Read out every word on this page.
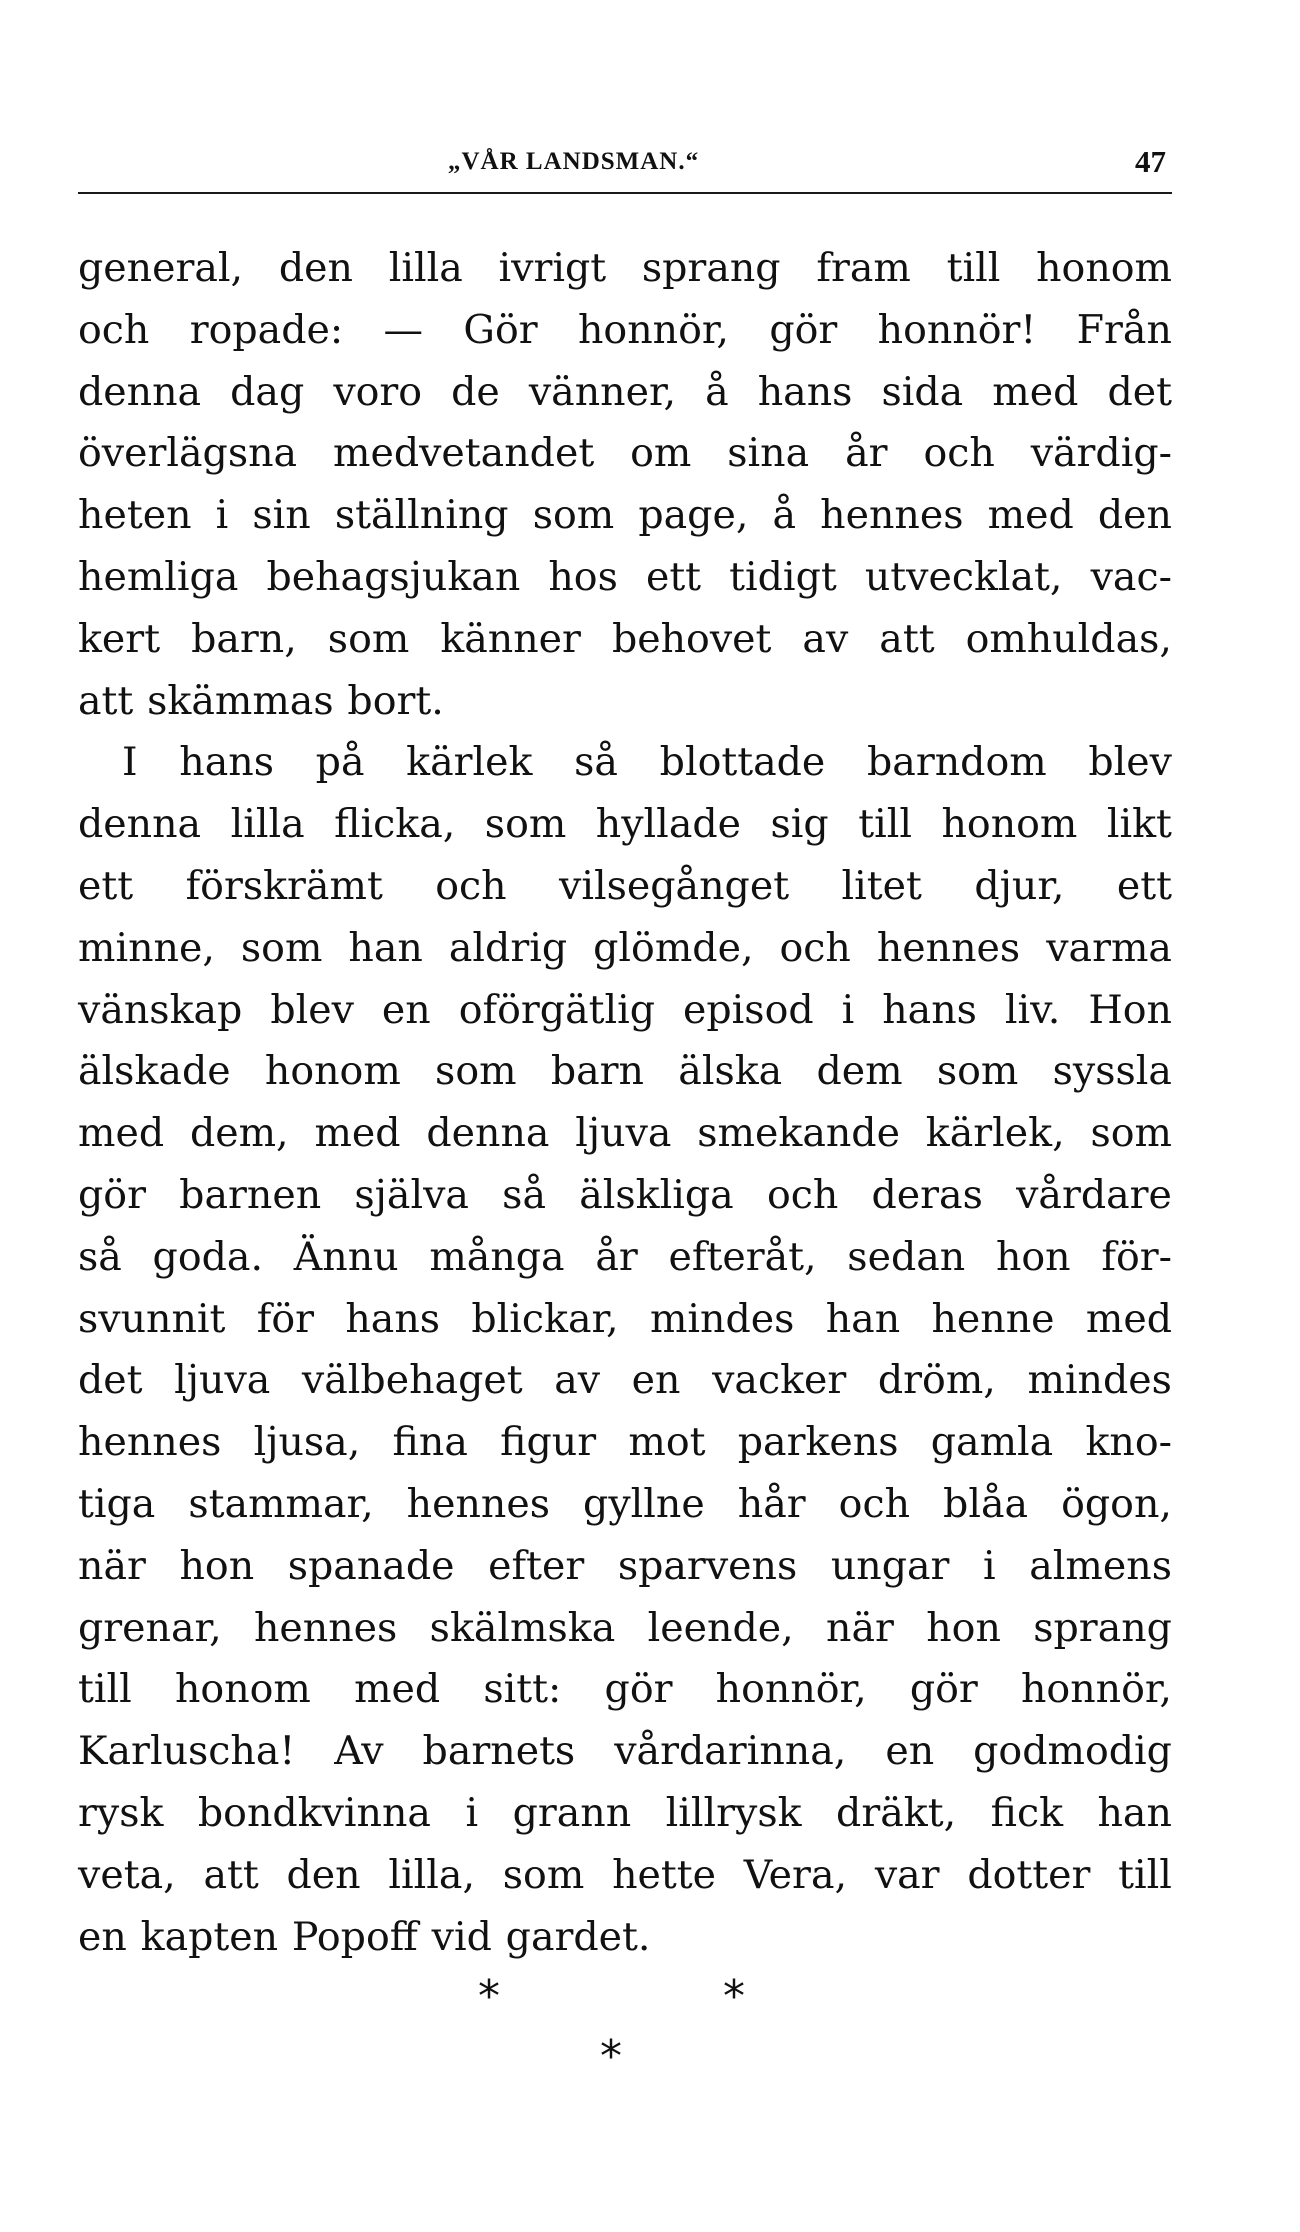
„VÅR LANDSMAN.“	47
general, den lilla ivrigt sprang fram till honom
och ropade: — Gör honnör, gör honnör! Från
denna dag voro de vänner, å hans sida med det
överlägsna medvetandet om sina år och värdig-
heten i sin ställning som page, å hennes med den
hemliga behagsjukan hos ett tidigt utvecklat, vac-
kert barn, som känner behovet av att omhuldas,
att skämmas bort.
I hans på kärlek så blottade barndom blev
denna lilla flicka, som hyllade sig till honom likt
ett förskrämt och vilsegånget litet djur, ett
minne, som han aldrig glömde, och hennes varma
vänskap blev en oförgätlig episod i hans liv. Hon
älskade honom som barn älska dem som syssla
med dem, med denna ljuva smekande kärlek, som
gör barnen själva så älskliga och deras vårdare
så goda. Ännu många år efteråt, sedan hon för-
svunnit för hans blickar, mindes han henne med
det ljuva välbehaget av en vacker dröm, mindes
hennes ljusa, fina figur mot parkens gamla kno-
tiga stammar, hennes gyllne hår och blåa ögon,
när hon spanade efter sparvens ungar i almens
grenar, hennes skälmska leende, när hon sprang
till honom med sitt: gör honnör, gör honnör,
Karluscha! Av barnets vårdarinna, en godmodig
rysk bondkvinna i grann lillrysk dräkt, fick han
veta, att den lilla, som hette Vera, var dotter till
en kapten Popoff vid gardet.
*	*
*
